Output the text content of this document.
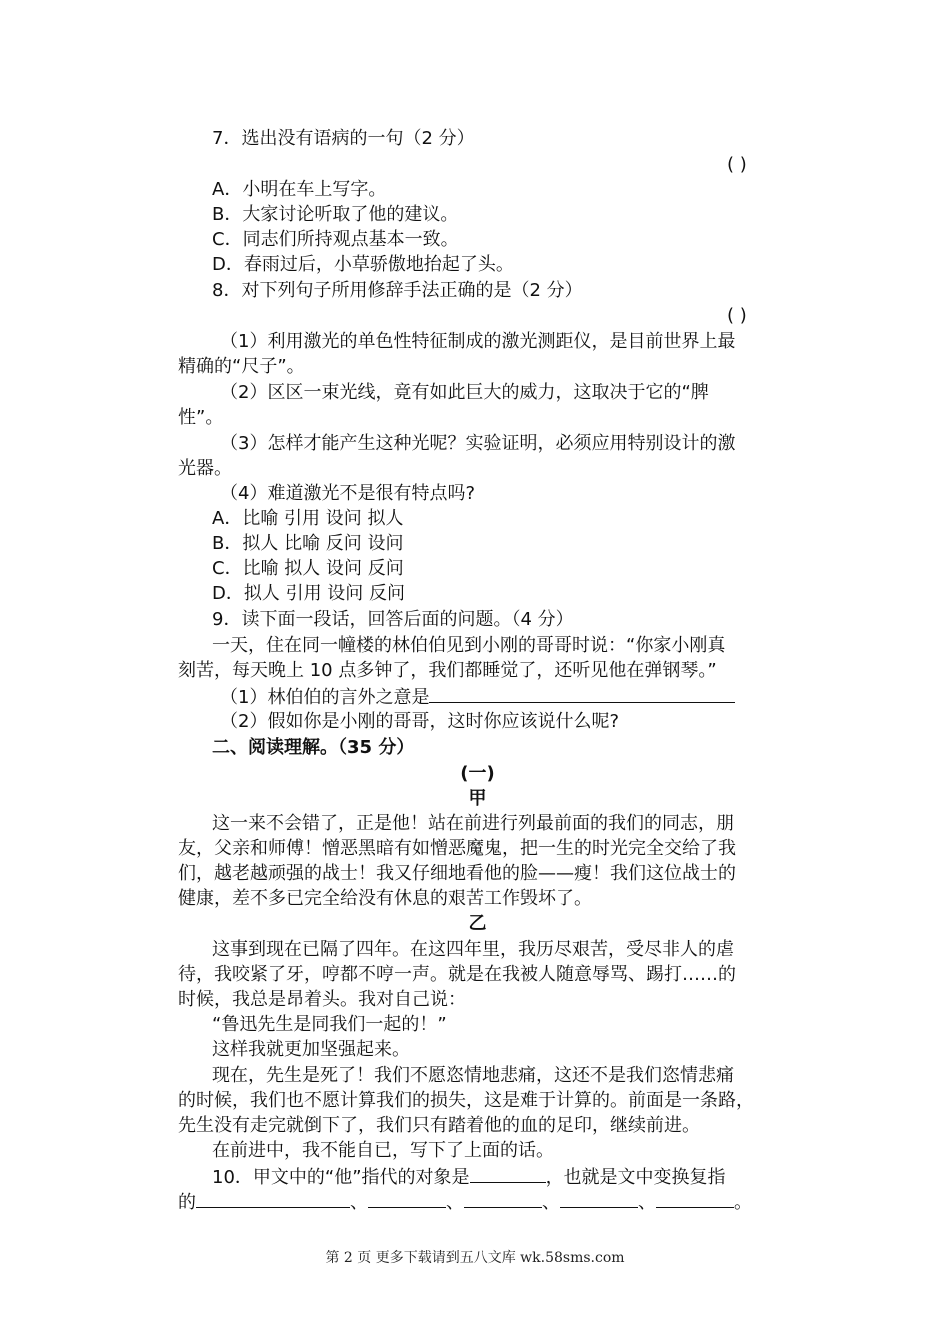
7．选出没有语病的一句（2 分）
( )
A．小明在车上写字。
B．大家讨论听取了他的建议。
C．同志们所持观点基本一致。
D．春雨过后，小草骄傲地抬起了头。
8．对下列句子所用修辞手法正确的是（2 分）
( )
（1）利用激光的单色性特征制成的激光测距仪，是目前世界上最
精确的“尺子”。
（2）区区一束光线，竟有如此巨大的威力，这取决于它的“脾
性”。
（3）怎样才能产生这种光呢？实验证明，必须应用特别设计的激
光器。
（4）难道激光不是很有特点吗?
A．比喻 引用 设问 拟人
B．拟人 比喻 反问 设问
C．比喻 拟人 设问 反问
D．拟人 引用 设问 反问
9．读下面一段话，回答后面的问题。（4 分）
一天，住在同一幢楼的林伯伯见到小刚的哥哥时说：“你家小刚真
刻苦，每天晚上 10 点多钟了，我们都睡觉了，还听见他在弹钢琴。”
（1）林伯伯的言外之意是
（2）假如你是小刚的哥哥，这时你应该说什么呢?
二、阅读理解。（35 分）
(一)
甲
这一来不会错了，正是他！站在前进行列最前面的我们的同志，朋
友，父亲和师傅！憎恶黑暗有如憎恶魔鬼，把一生的时光完全交给了我
们，越老越顽强的战士！我又仔细地看他的脸——瘦！我们这位战士的
健康，差不多已完全给没有休息的艰苦工作毁坏了。
乙
这事到现在已隔了四年。在这四年里，我历尽艰苦，受尽非人的虐
待，我咬紧了牙，哼都不哼一声。就是在我被人随意辱骂、踢打……的
时候，我总是昂着头。我对自己说：
“鲁迅先生是同我们一起的！”
这样我就更加坚强起来。
现在，先生是死了！我们不愿恣情地悲痛，这还不是我们恣情悲痛
的时候，我们也不愿计算我们的损失，这是难于计算的。前面是一条路，
先生没有走完就倒下了，我们只有踏着他的血的足印，继续前进。
在前进中，我不能自已，写下了上面的话。
10．甲文中的“他”指代的对象是	，也就是文中变换复指
的	、	、	、	、	。
第 2 页 更多下载请到五八文库 wk.58sms.com
